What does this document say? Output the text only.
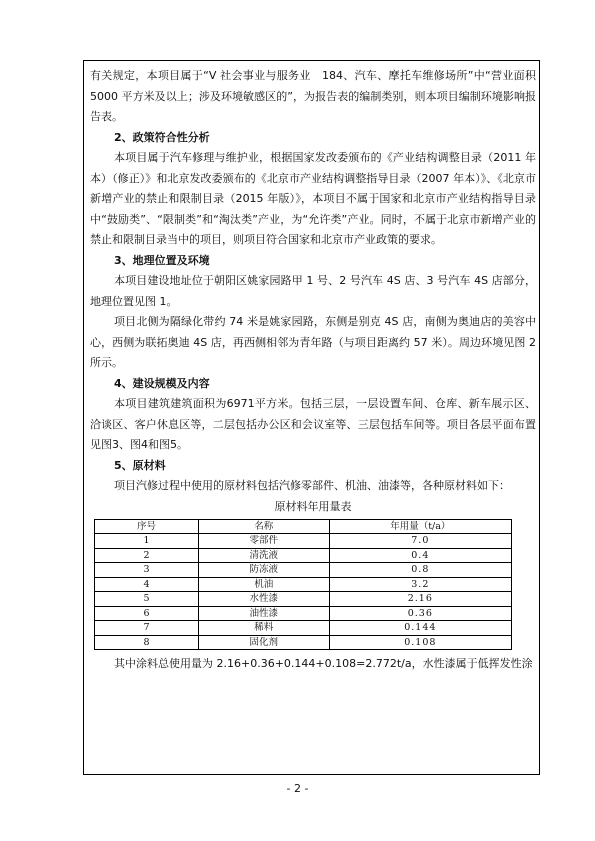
有关规定，本项目属于“V 社会事业与服务业　184、汽车、摩托车维修场所”中“营业面积 5000 平方米及以上；涉及环境敏感区的”，为报告表的编制类别，则本项目编制环境影响报告表。

2、政策符合性分析

本项目属于汽车修理与维护业，根据国家发改委颁布的《产业结构调整目录（2011 年本）（修正）》和北京发改委颁布的《北京市产业结构调整指导目录（2007 年本）》、《北京市新增产业的禁止和限制目录（2015 年版）》，本项目不属于国家和北京市产业结构指导目录中“鼓励类”、“限制类”和“淘汰类”产业，为“允许类”产业。同时，不属于北京市新增产业的禁止和限制目录当中的项目，则项目符合国家和北京市产业政策的要求。

3、地理位置及环境

本项目建设地址位于朝阳区姚家园路甲 1 号、2 号汽车 4S 店、3 号汽车 4S 店部分，地理位置见图 1。

项目北侧为隔绿化带约 74 米是姚家园路，东侧是别克 4S 店，南侧为奥迪店的美容中心，西侧为联拓奥迪 4S 店，再西侧相邻为青年路（与项目距离约 57 米）。周边环境见图 2 所示。

4、建设规模及内容

本项目建筑建筑面积为6971平方米。包括三层，一层设置车间、仓库、新车展示区、洽谈区、客户休息区等，二层包括办公区和会议室等、三层包括车间等。项目各层平面布置见图3、图4和图5。

5、原材料

项目汽修过程中使用的原材料包括汽修零部件、机油、油漆等，各种原材料如下：

原材料年用量表

序号	名称	年用量（t/a）
1	零部件	7.0
2	清洗液	0.4
3	防冻液	0.8
4	机油	3.2
5	水性漆	2.16
6	油性漆	0.36
7	稀料	0.144
8	固化剂	0.108

其中涂料总使用量为 2.16+0.36+0.144+0.108=2.772t/a，水性漆属于低挥发性涂

- 2 -
